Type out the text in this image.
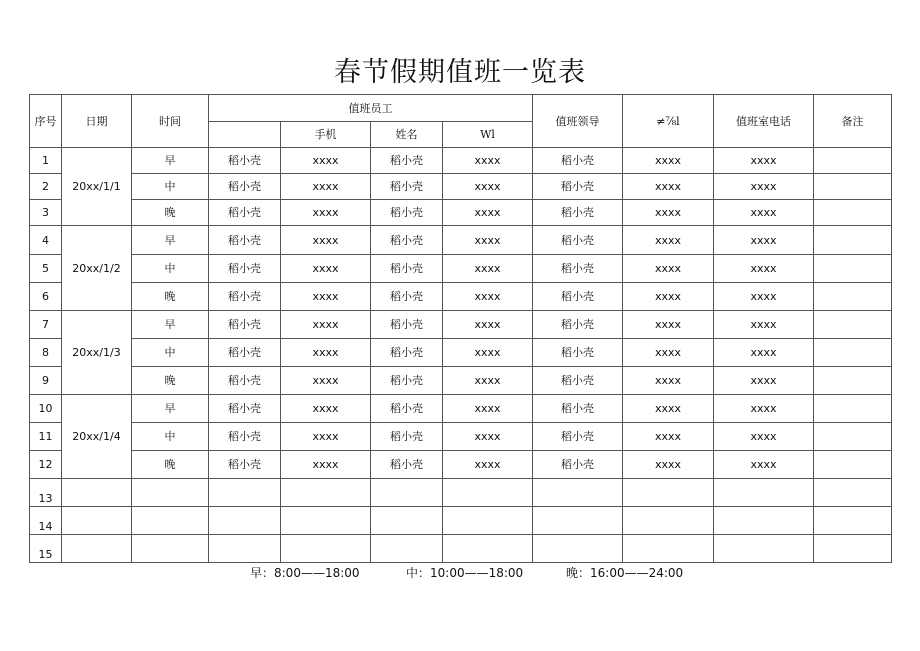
春节假期值班一览表
序号	日期	时间	值班员工				值班领导	≠⅞l	值班室电话	备注
				手机	姓名	Wl				
1	20xx/1/1	早	稻小壳	xxxx	稻小壳	xxxx	稻小壳	xxxx	xxxx	
2		中	稻小壳	xxxx	稻小壳	xxxx	稻小壳	xxxx	xxxx	
3		晚	稻小壳	xxxx	稻小壳	xxxx	稻小壳	xxxx	xxxx	
4	20xx/1/2	早	稻小壳	xxxx	稻小壳	xxxx	稻小壳	xxxx	xxxx	
5		中	稻小壳	xxxx	稻小壳	xxxx	稻小壳	xxxx	xxxx	
6		晚	稻小壳	xxxx	稻小壳	xxxx	稻小壳	xxxx	xxxx	
7	20xx/1/3	早	稻小壳	xxxx	稻小壳	xxxx	稻小壳	xxxx	xxxx	
8		中	稻小壳	xxxx	稻小壳	xxxx	稻小壳	xxxx	xxxx	
9		晚	稻小壳	xxxx	稻小壳	xxxx	稻小壳	xxxx	xxxx	
10	20xx/1/4	早	稻小壳	xxxx	稻小壳	xxxx	稻小壳	xxxx	xxxx	
11		中	稻小壳	xxxx	稻小壳	xxxx	稻小壳	xxxx	xxxx	
12		晚	稻小壳	xxxx	稻小壳	xxxx	稻小壳	xxxx	xxxx	
13										
14										
15										
早：8:00——18:00	中：10:00——18:00	晚：16:00——24:00
